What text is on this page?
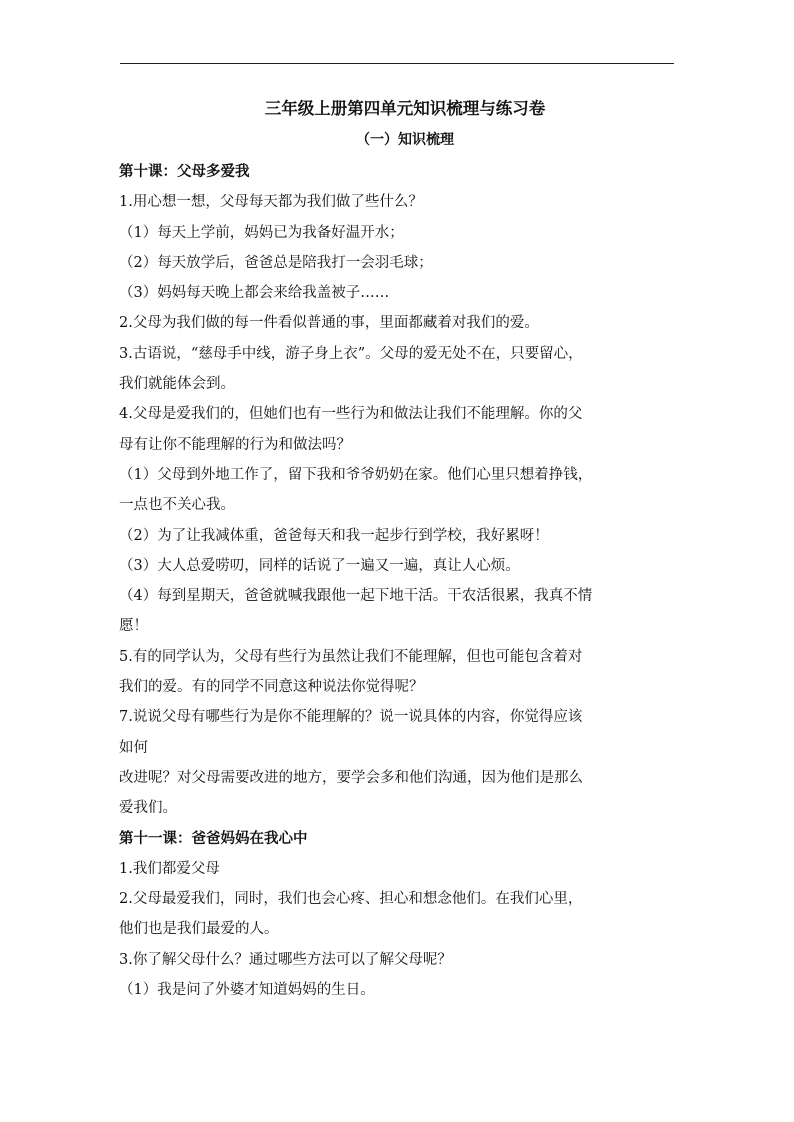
三年级上册第四单元知识梳理与练习卷

（一）知识梳理

第十课：父母多爱我

1.用心想一想，父母每天都为我们做了些什么？

（1）每天上学前，妈妈已为我备好温开水；

（2）每天放学后，爸爸总是陪我打一会羽毛球；

（3）妈妈每天晚上都会来给我盖被子……

2.父母为我们做的每一件看似普通的事，里面都藏着对我们的爱。

3.古语说，“慈母手中线，游子身上衣”。父母的爱无处不在，只要留心，

我们就能体会到。

4.父母是爱我们的，但她们也有一些行为和做法让我们不能理解。你的父

母有让你不能理解的行为和做法吗？

（1）父母到外地工作了，留下我和爷爷奶奶在家。他们心里只想着挣钱，

一点也不关心我。

（2）为了让我减体重，爸爸每天和我一起步行到学校，我好累呀！

（3）大人总爱唠叨，同样的话说了一遍又一遍，真让人心烦。

（4）每到星期天，爸爸就喊我跟他一起下地干活。干农活很累，我真不情

愿！

5.有的同学认为，父母有些行为虽然让我们不能理解，但也可能包含着对

我们的爱。有的同学不同意这种说法你觉得呢？

7.说说父母有哪些行为是你不能理解的？说一说具体的内容，你觉得应该

如何

改进呢？对父母需要改进的地方，要学会多和他们沟通，因为他们是那么

爱我们。

第十一课：爸爸妈妈在我心中

1.我们都爱父母

2.父母最爱我们，同时，我们也会心疼、担心和想念他们。在我们心里，

他们也是我们最爱的人。

3.你了解父母什么？通过哪些方法可以了解父母呢？

（1）我是问了外婆才知道妈妈的生日。
